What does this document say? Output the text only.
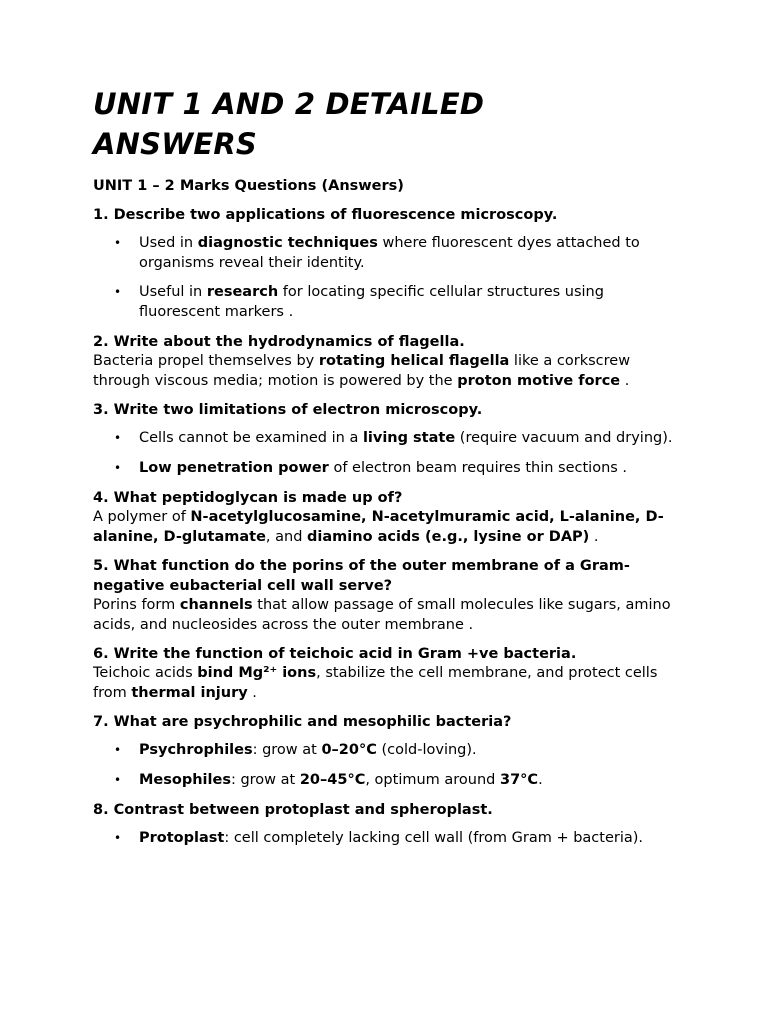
UNIT 1 AND 2 DETAILED
ANSWERS

UNIT 1 – 2 Marks Questions (Answers)

1. Describe two applications of fluorescence microscopy.

• Used in diagnostic techniques where fluorescent dyes attached to organisms reveal their identity.
• Useful in research for locating specific cellular structures using fluorescent markers .

2. Write about the hydrodynamics of flagella.

Bacteria propel themselves by rotating helical flagella like a corkscrew through viscous media; motion is powered by the proton motive force .

3. Write two limitations of electron microscopy.

• Cells cannot be examined in a living state (require vacuum and drying).
• Low penetration power of electron beam requires thin sections .

4. What peptidoglycan is made up of?

A polymer of N-acetylglucosamine, N-acetylmuramic acid, L-alanine, D-alanine, D-glutamate, and diamino acids (e.g., lysine or DAP) .

5. What function do the porins of the outer membrane of a Gram-negative eubacterial cell wall serve?

Porins form channels that allow passage of small molecules like sugars, amino acids, and nucleosides across the outer membrane .

6. Write the function of teichoic acid in Gram +ve bacteria.

Teichoic acids bind Mg²⁺ ions, stabilize the cell membrane, and protect cells from thermal injury .

7. What are psychrophilic and mesophilic bacteria?

• Psychrophiles: grow at 0–20°C (cold-loving).
• Mesophiles: grow at 20–45°C, optimum around 37°C.

8. Contrast between protoplast and spheroplast.

• Protoplast: cell completely lacking cell wall (from Gram + bacteria).
